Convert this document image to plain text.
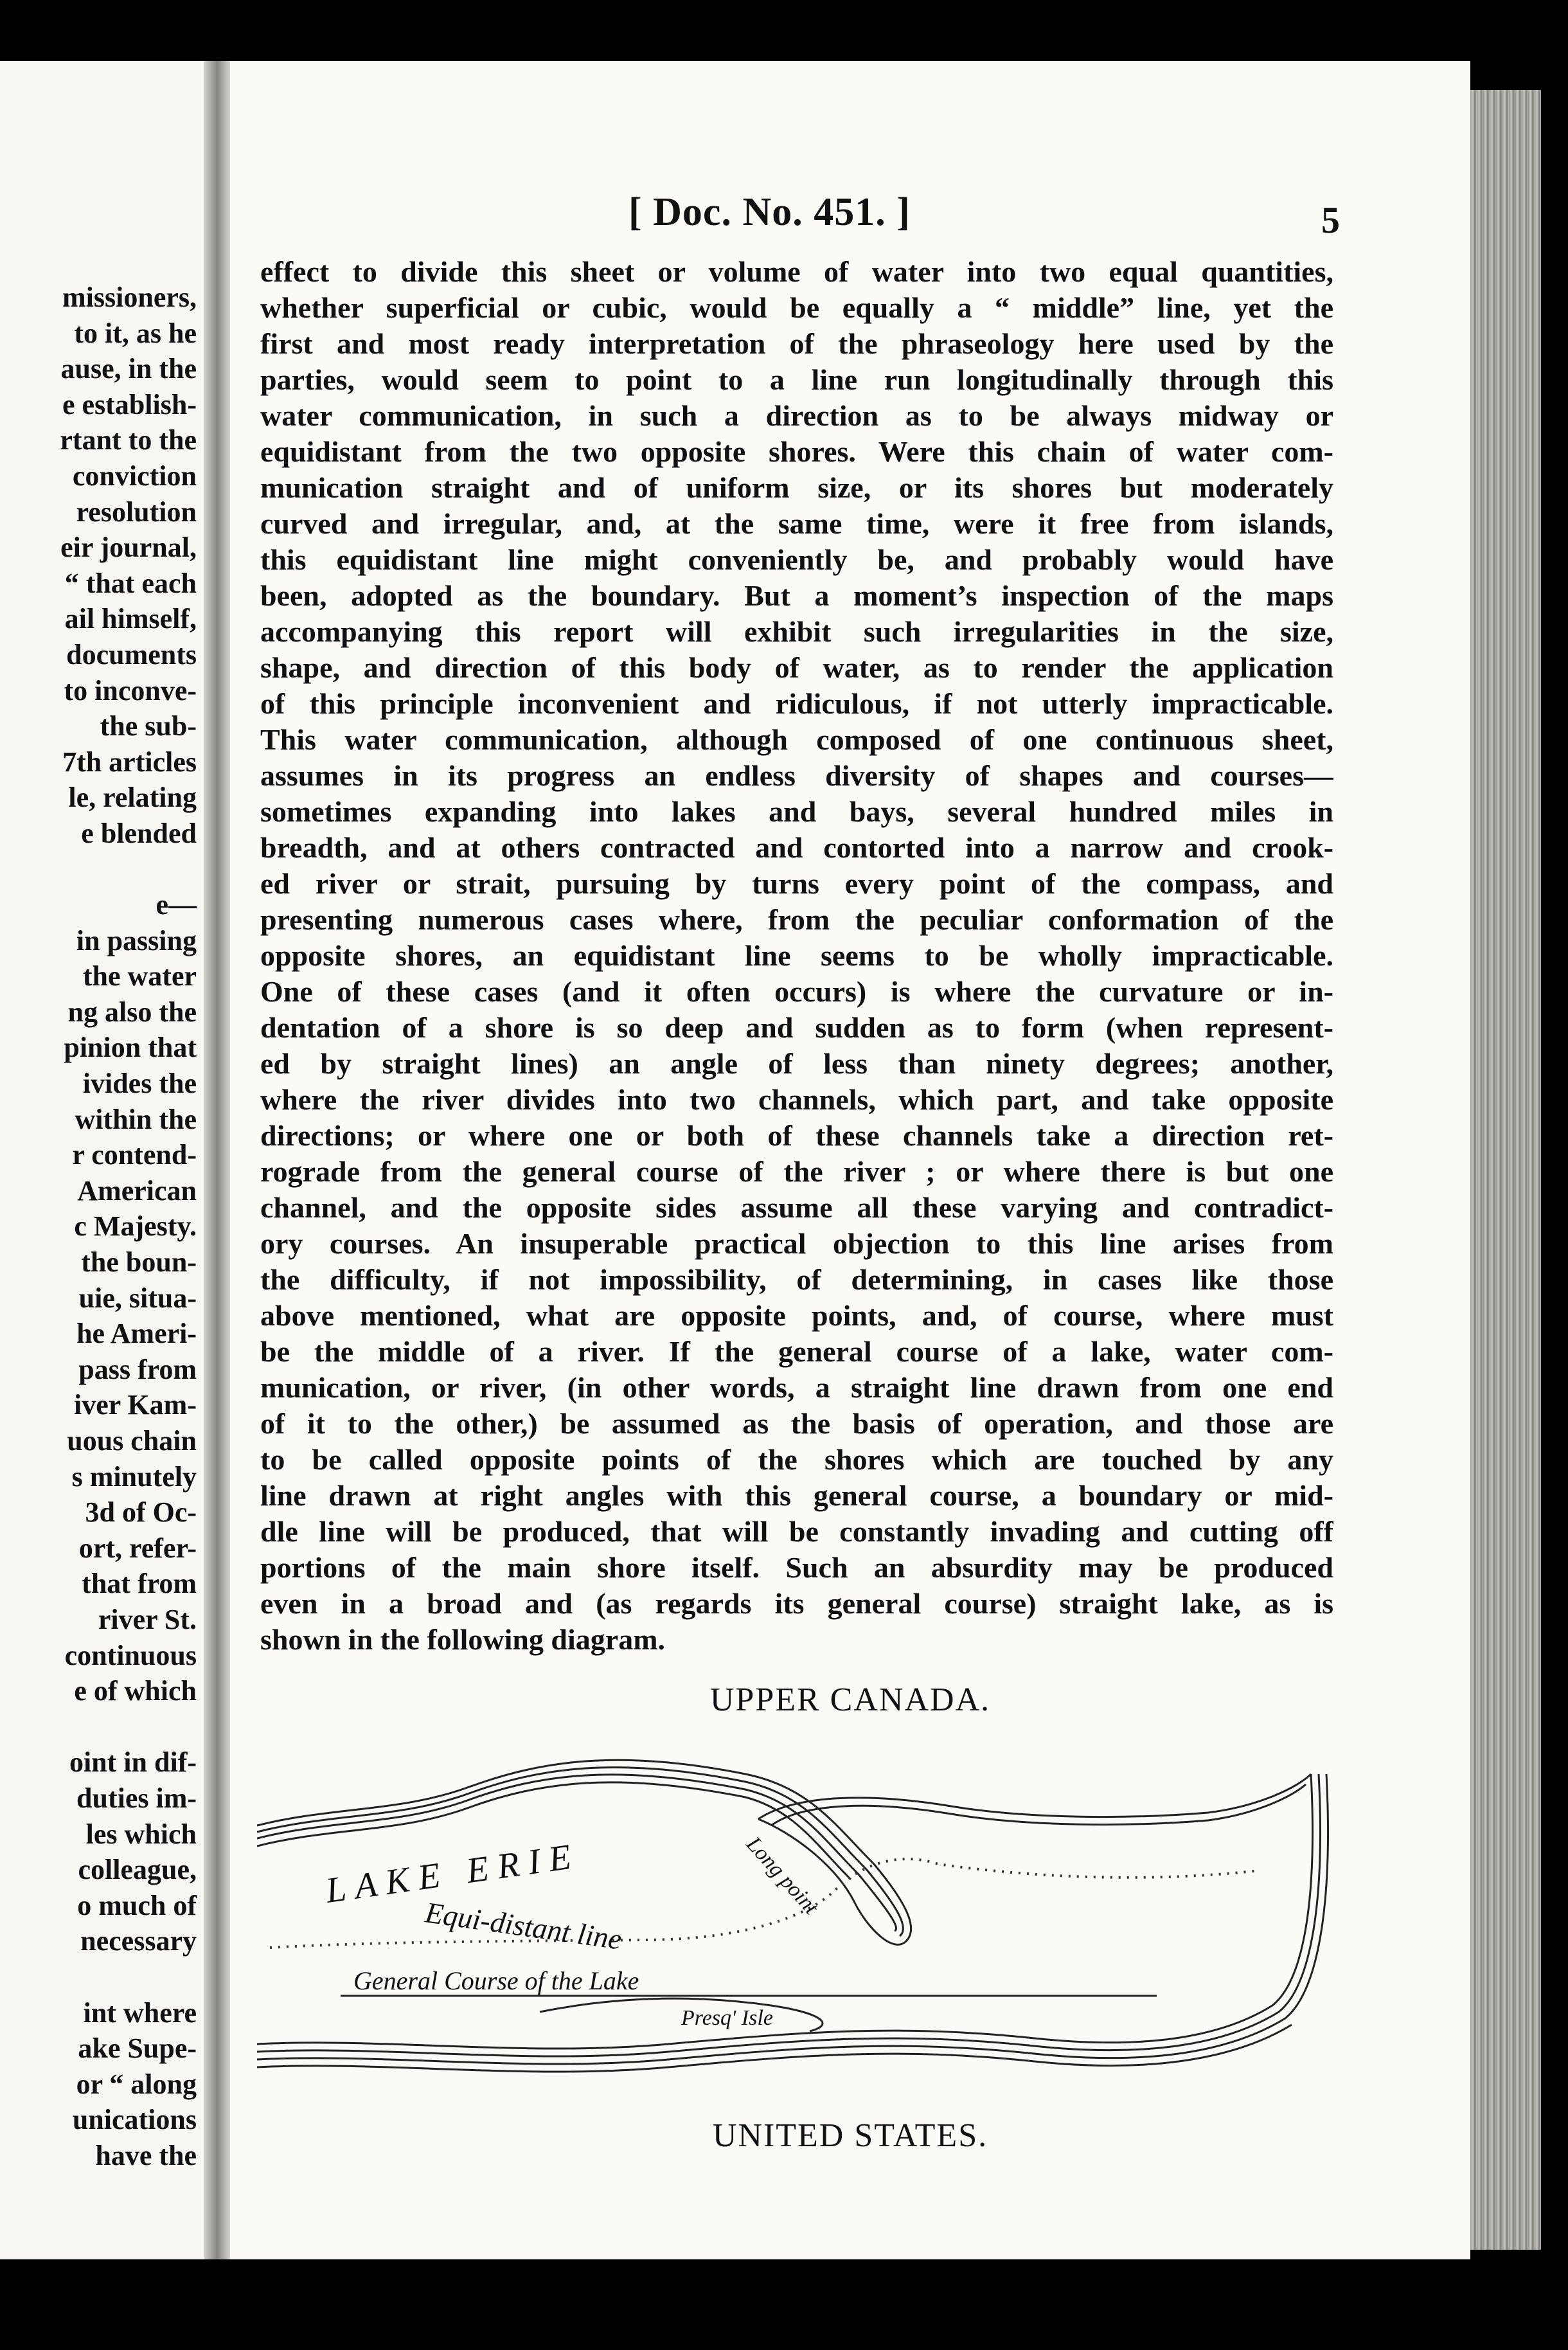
missioners,
to it, as he
ause, in the
e establish-
rtant to the
conviction
resolution
eir journal,
“ that each
ail himself,
documents
to inconve-
the sub-
7th articles
le, relating
e blended
e—
in passing
the water
ng also the
pinion that
ivides the
within the
r contend-
American
c Majesty.
the boun-
uie, situa-
he Ameri-
pass from
iver Kam-
uous chain
s minutely
3d of Oc-
ort, refer-
that from
river St.
continuous
e of which
oint in dif-
duties im-
les which
colleague,
o much of
necessary
int where
ake Supe-
or “ along
unications
have the
[ Doc. No. 451. ]	5
effect to divide this sheet or volume of water into two equal quantities,
whether superficial or cubic, would be equally a “ middle” line, yet the
first and most ready interpretation of the phraseology here used by the
parties, would seem to point to a line run longitudinally through this
water communication, in such a direction as to be always midway or
equidistant from the two opposite shores. Were this chain of water com-
munication straight and of uniform size, or its shores but moderately
curved and irregular, and, at the same time, were it free from islands,
this equidistant line might conveniently be, and probably would have
been, adopted as the boundary. But a moment’s inspection of the maps
accompanying this report will exhibit such irregularities in the size,
shape, and direction of this body of water, as to render the application
of this principle inconvenient and ridiculous, if not utterly impracticable.
This water communication, although composed of one continuous sheet,
assumes in its progress an endless diversity of shapes and courses—
sometimes expanding into lakes and bays, several hundred miles in
breadth, and at others contracted and contorted into a narrow and crook-
ed river or strait, pursuing by turns every point of the compass, and
presenting numerous cases where, from the peculiar conformation of the
opposite shores, an equidistant line seems to be wholly impracticable.
One of these cases (and it often occurs) is where the curvature or in-
dentation of a shore is so deep and sudden as to form (when represent-
ed by straight lines) an angle of less than ninety degrees; another,
where the river divides into two channels, which part, and take opposite
directions; or where one or both of these channels take a direction ret-
rograde from the general course of the river ; or where there is but one
channel, and the opposite sides assume all these varying and contradict-
ory courses. An insuperable practical objection to this line arises from
the difficulty, if not impossibility, of determining, in cases like those
above mentioned, what are opposite points, and, of course, where must
be the middle of a river. If the general course of a lake, water com-
munication, or river, (in other words, a straight line drawn from one end
of it to the other,) be assumed as the basis of operation, and those are
to be called opposite points of the shores which are touched by any
line drawn at right angles with this general course, a boundary or mid-
dle line will be produced, that will be constantly invading and cutting off
portions of the main shore itself. Such an absurdity may be produced
even in a broad and (as regards its general course) straight lake, as is
shown in the following diagram.
UPPER CANADA.
LAKE ERIE
Equi-distant line
General Course of the Lake
Long point
Presq' Isle
UNITED STATES.
